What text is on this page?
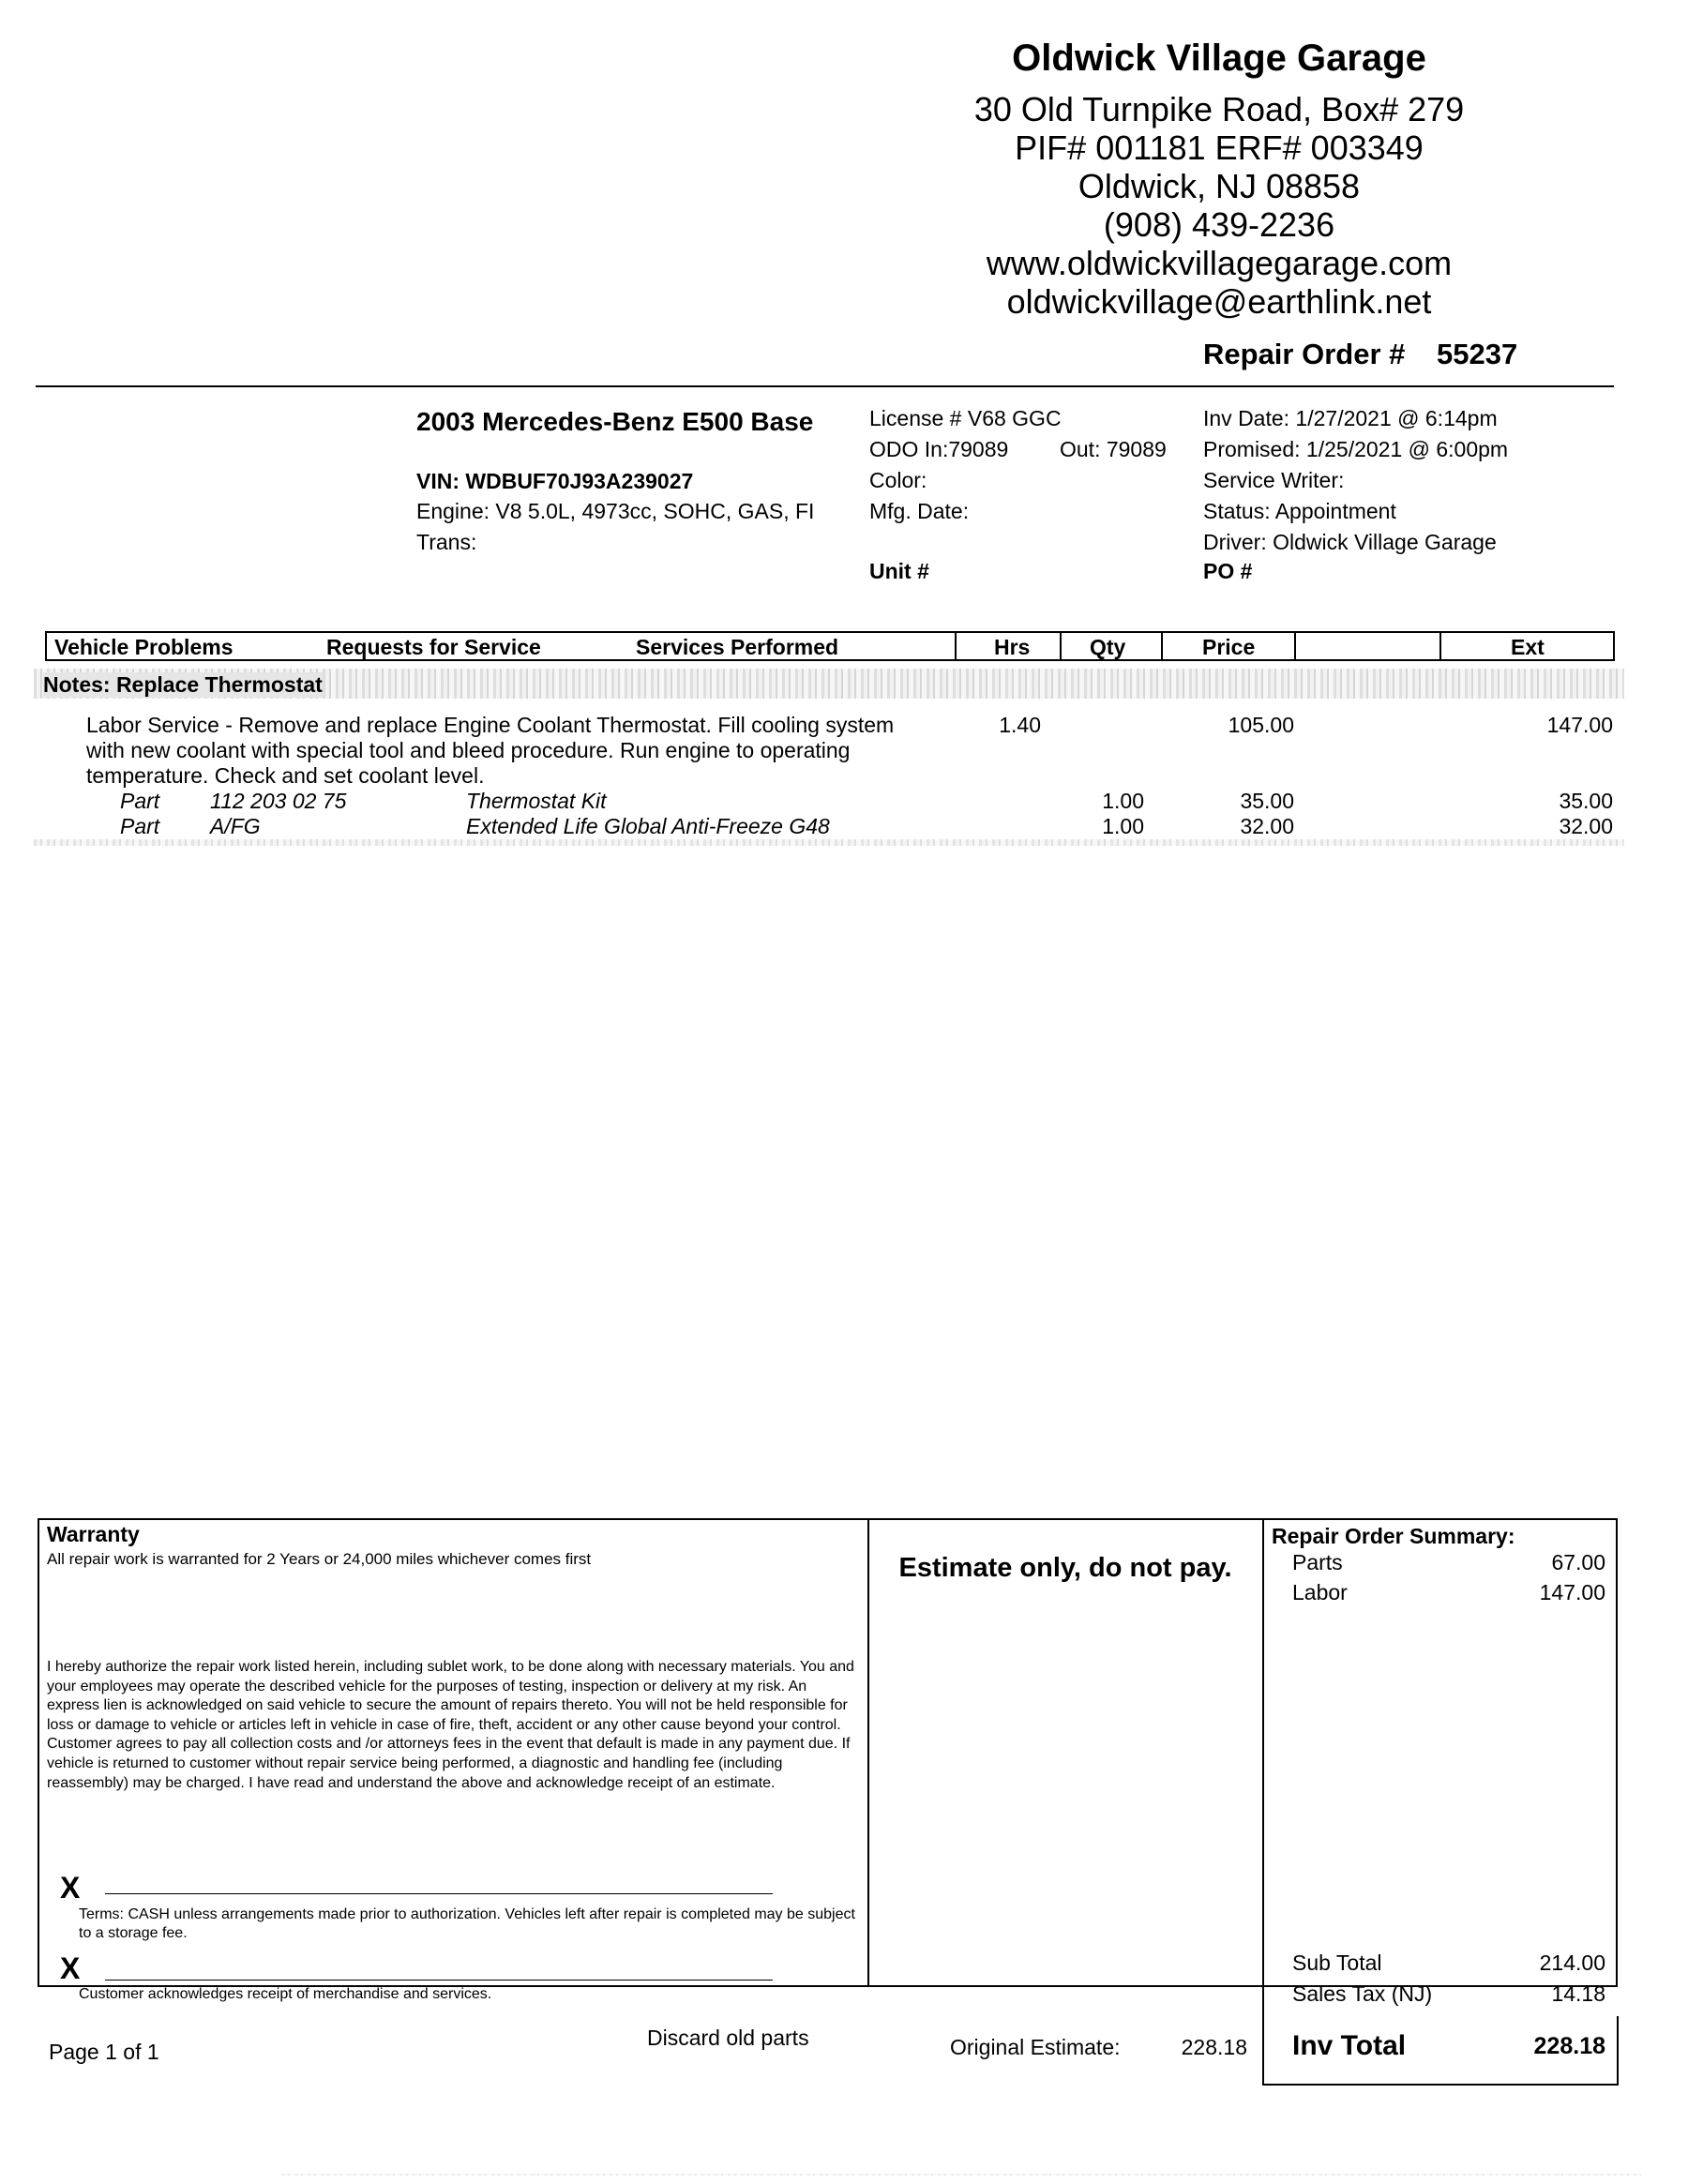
Oldwick Village Garage
30 Old Turnpike Road, Box# 279
PIF# 001181 ERF# 003349
Oldwick, NJ 08858
(908) 439-2236
www.oldwickvillagegarage.com
oldwickvillage@earthlink.net
Repair Order # 55237
2003 Mercedes-Benz E500 Base
VIN: WDBUF70J93A239027
Engine: V8 5.0L, 4973cc, SOHC, GAS, FI
Trans:
License # V68 GGC
ODO In:79089 Out: 79089
Color:
Mfg. Date:
Unit #
Inv Date: 1/27/2021 @ 6:14pm
Promised: 1/25/2021 @ 6:00pm
Service Writer:
Status: Appointment
Driver: Oldwick Village Garage
PO #
Vehicle Problems	Requests for Service	Services Performed	Hrs	Qty	Price	Ext
Notes: Replace Thermostat
Labor Service - Remove and replace Engine Coolant Thermostat. Fill cooling system
with new coolant with special tool and bleed procedure. Run engine to operating
temperature. Check and set coolant level.
1.40	105.00	147.00
Part 112 203 02 75	Thermostat Kit	1.00	35.00	35.00
Part A/FG	Extended Life Global Anti-Freeze G48	1.00	32.00	32.00
Warranty
All repair work is warranted for 2 Years or 24,000 miles whichever comes first
I hereby authorize the repair work listed herein, including sublet work, to be done along with necessary materials. You and your employees may operate the described vehicle for the purposes of testing, inspection or delivery at my risk. An express lien is acknowledged on said vehicle to secure the amount of repairs thereto. You will not be held responsible for loss or damage to vehicle or articles left in vehicle in case of fire, theft, accident or any other cause beyond your control. Customer agrees to pay all collection costs and /or attorneys fees in the event that default is made in any payment due. If vehicle is returned to customer without repair service being performed, a diagnostic and handling fee (including reassembly) may be charged. I have read and understand the above and acknowledge receipt of an estimate.
X
Terms: CASH unless arrangements made prior to authorization. Vehicles left after repair is completed may be subject to a storage fee.
X
Customer acknowledges receipt of merchandise and services.
Estimate only, do not pay.
Repair Order Summary:
Parts	67.00
Labor	147.00
Sub Total	214.00
Sales Tax (NJ)	14.18
Inv Total	228.18
Page 1 of 1
Discard old parts	Original Estimate:	228.18
